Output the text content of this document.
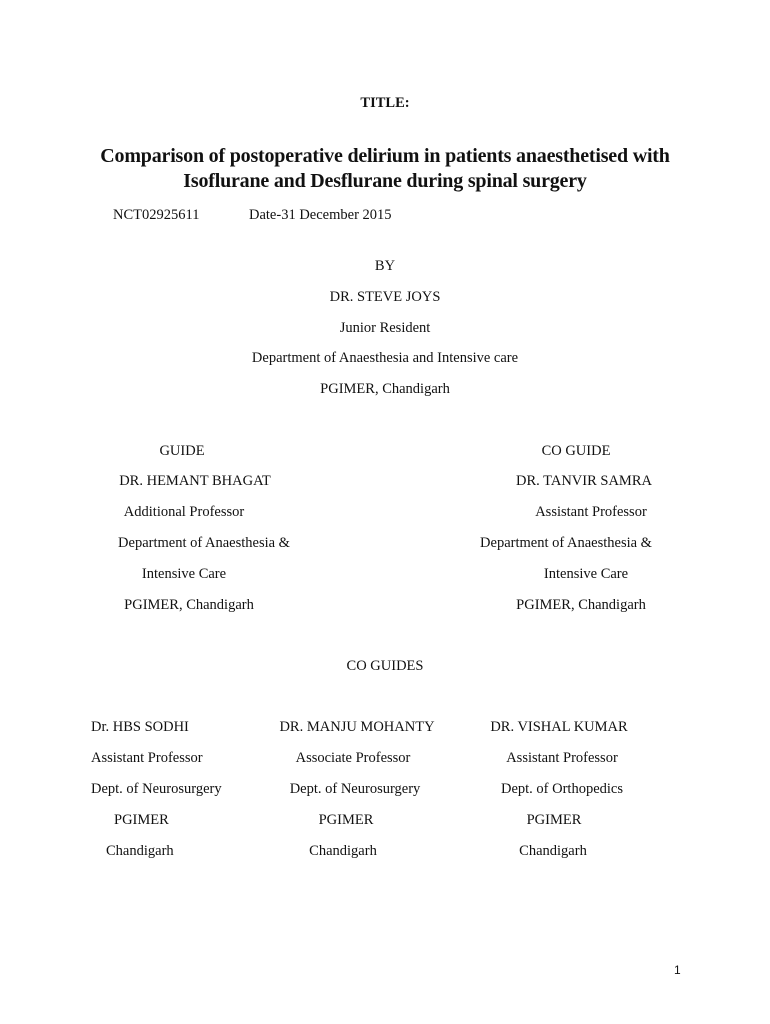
TITLE:
Comparison of postoperative delirium in patients anaesthetised with
Isoflurane and Desflurane during spinal surgery
NCT02925611	Date-31 December 2015
BY
DR. STEVE JOYS
Junior Resident
Department of Anaesthesia and Intensive care
PGIMER, Chandigarh
GUIDE
DR. HEMANT BHAGAT
Additional Professor
Department of Anaesthesia &
Intensive Care
PGIMER, Chandigarh
CO GUIDE
DR. TANVIR SAMRA
Assistant Professor
Department of Anaesthesia &
Intensive Care
PGIMER, Chandigarh
CO GUIDES
Dr. HBS SODHI
Assistant Professor
Dept. of Neurosurgery
PGIMER
Chandigarh
DR. MANJU MOHANTY
Associate Professor
Dept. of Neurosurgery
PGIMER
Chandigarh
DR. VISHAL KUMAR
Assistant Professor
Dept. of Orthopedics
PGIMER
Chandigarh
1
